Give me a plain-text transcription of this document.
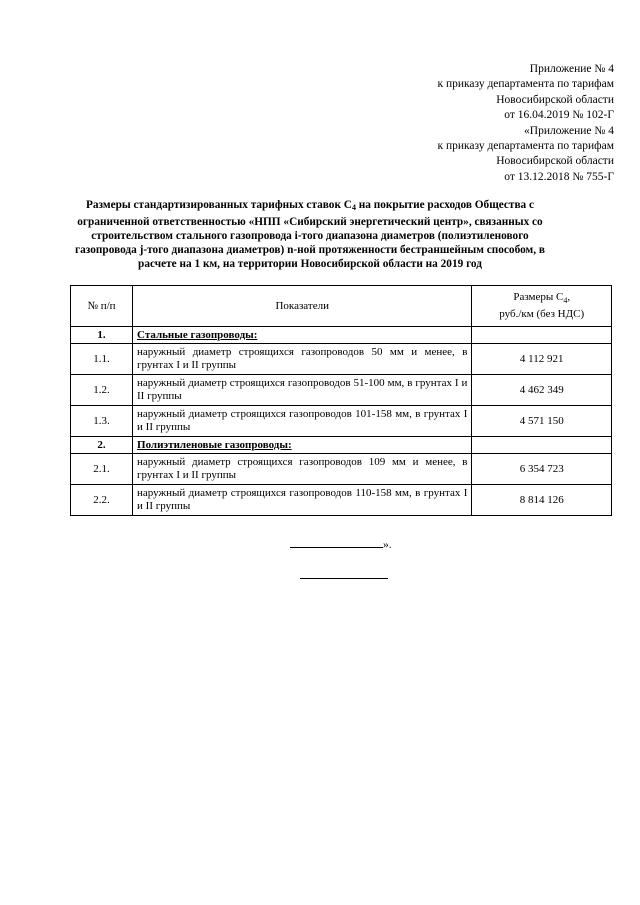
Приложение № 4
к приказу департамента по тарифам
Новосибирской области
от 16.04.2019 № 102-Г
«Приложение № 4
к приказу департамента по тарифам
Новосибирской области
от 13.12.2018 № 755-Г
Размеры стандартизированных тарифных ставок $С_4$ на покрытие расходов Общества с ограниченной ответственностью «НПП «Сибирский энергетический центр», связанных со строительством стального газопровода i-того диапазона диаметров (полиэтиленового газопровода j-того диапазона диаметров) n-ной протяженности бестраншейным способом, в расчете на 1 км, на территории Новосибирской области на 2019 год
№ п/п	Показатели	Размеры $С_4$,
руб./км (без НДС)
1.	Стальные газопроводы:	
1.1.	наружный диаметр строящихся газопроводов 50 мм и менее, в грунтах I и II группы	4 112 921
1.2.	наружный диаметр строящихся газопроводов 51-100 мм, в грунтах I и II группы	4 462 349
1.3.	наружный диаметр строящихся газопроводов 101-158 мм, в грунтах I и II группы	4 571 150
2.	Полиэтиленовые газопроводы:	
2.1.	наружный диаметр строящихся газопроводов 109 мм и менее, в грунтах I и II группы	6 354 723
2.2.	наружный диаметр строящихся газопроводов 110-158 мм, в грунтах I и II группы	8 814 126
».
